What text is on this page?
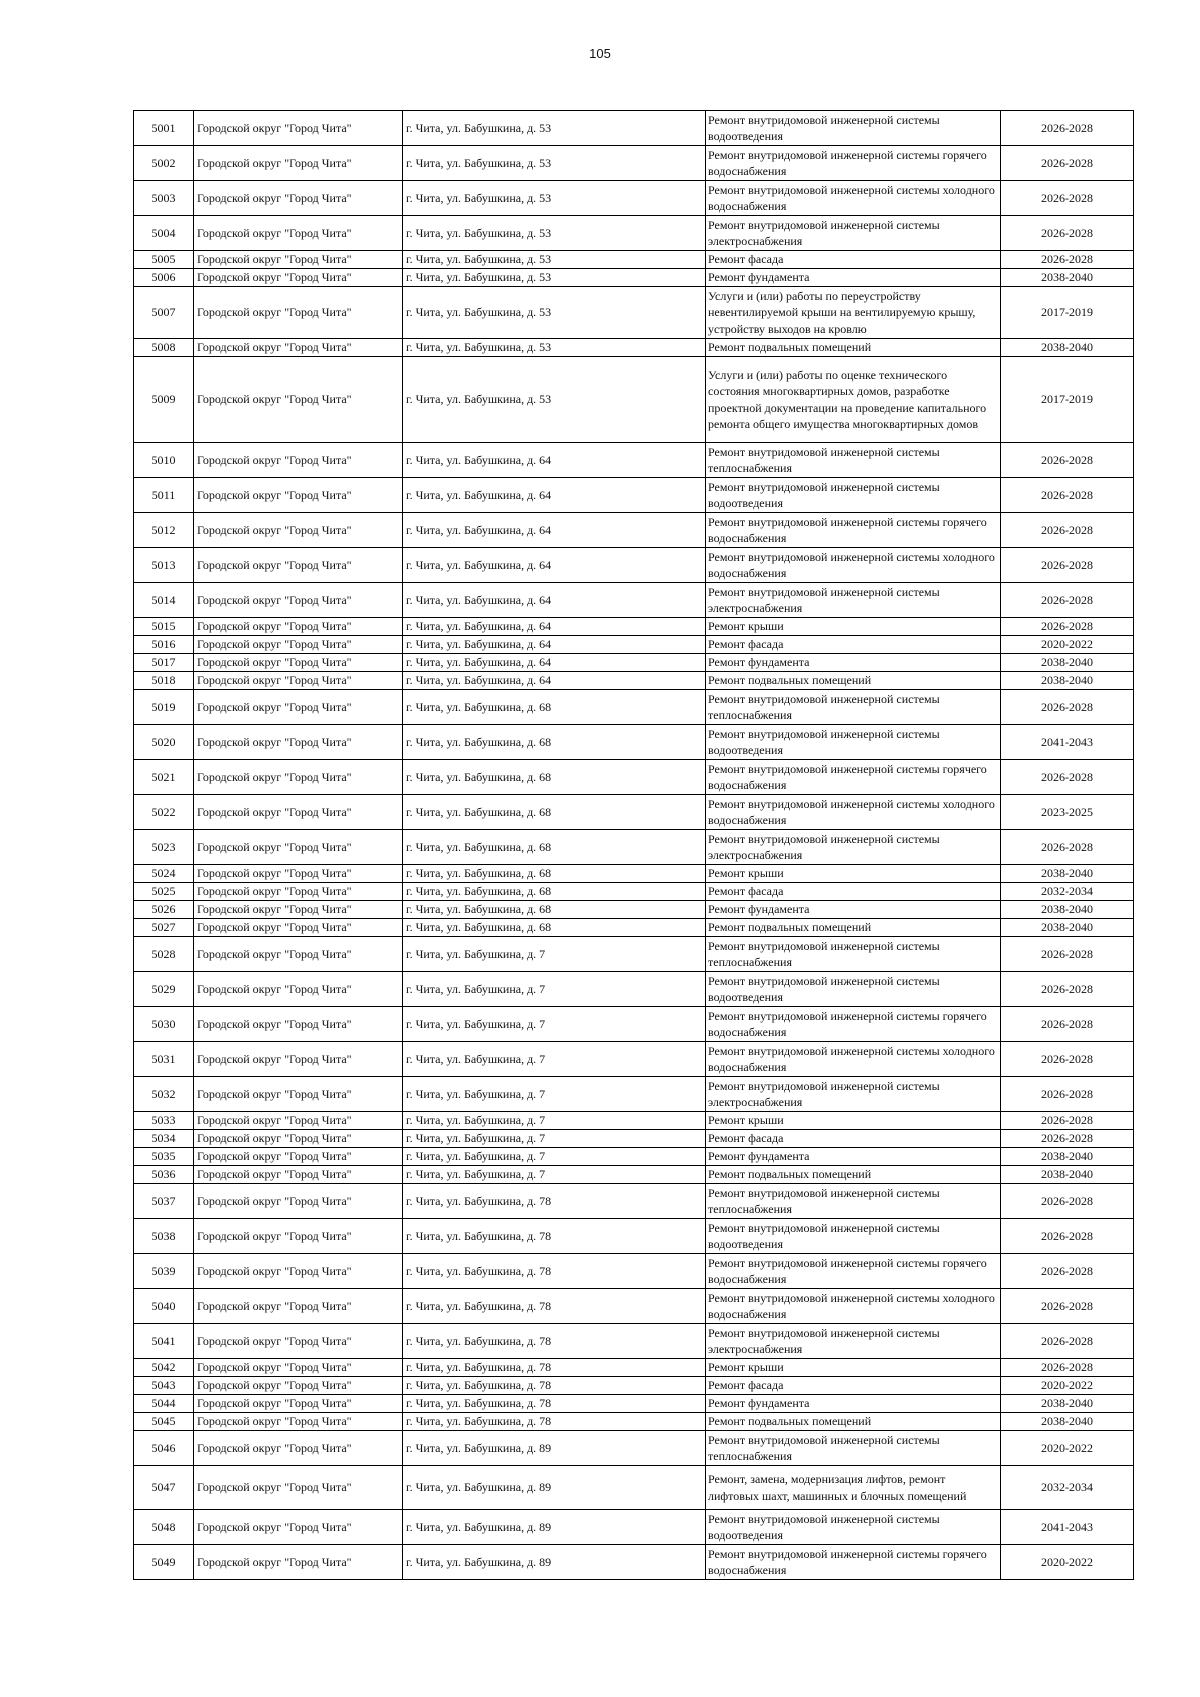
105
5001	Городской округ "Город Чита"	г. Чита, ул. Бабушкина, д. 53	Ремонт внутридомовой инженерной системы водоотведения	2026-2028
5002	Городской округ "Город Чита"	г. Чита, ул. Бабушкина, д. 53	Ремонт внутридомовой инженерной системы горячего водоснабжения	2026-2028
5003	Городской округ "Город Чита"	г. Чита, ул. Бабушкина, д. 53	Ремонт внутридомовой инженерной системы холодного водоснабжения	2026-2028
5004	Городской округ "Город Чита"	г. Чита, ул. Бабушкина, д. 53	Ремонт внутридомовой инженерной системы электроснабжения	2026-2028
5005	Городской округ "Город Чита"	г. Чита, ул. Бабушкина, д. 53	Ремонт фасада	2026-2028
5006	Городской округ "Город Чита"	г. Чита, ул. Бабушкина, д. 53	Ремонт фундамента	2038-2040
5007	Городской округ "Город Чита"	г. Чита, ул. Бабушкина, д. 53	Услуги и (или) работы по переустройству невентилируемой крыши на вентилируемую крышу, устройству выходов на кровлю	2017-2019
5008	Городской округ "Город Чита"	г. Чита, ул. Бабушкина, д. 53	Ремонт подвальных помещений	2038-2040
5009	Городской округ "Город Чита"	г. Чита, ул. Бабушкина, д. 53	Услуги и (или) работы по оценке технического состояния многоквартирных домов, разработке проектной документации на проведение капитального ремонта общего имущества многоквартирных домов	2017-2019
5010	Городской округ "Город Чита"	г. Чита, ул. Бабушкина, д. 64	Ремонт внутридомовой инженерной системы теплоснабжения	2026-2028
5011	Городской округ "Город Чита"	г. Чита, ул. Бабушкина, д. 64	Ремонт внутридомовой инженерной системы водоотведения	2026-2028
5012	Городской округ "Город Чита"	г. Чита, ул. Бабушкина, д. 64	Ремонт внутридомовой инженерной системы горячего водоснабжения	2026-2028
5013	Городской округ "Город Чита"	г. Чита, ул. Бабушкина, д. 64	Ремонт внутридомовой инженерной системы холодного водоснабжения	2026-2028
5014	Городской округ "Город Чита"	г. Чита, ул. Бабушкина, д. 64	Ремонт внутридомовой инженерной системы электроснабжения	2026-2028
5015	Городской округ "Город Чита"	г. Чита, ул. Бабушкина, д. 64	Ремонт крыши	2026-2028
5016	Городской округ "Город Чита"	г. Чита, ул. Бабушкина, д. 64	Ремонт фасада	2020-2022
5017	Городской округ "Город Чита"	г. Чита, ул. Бабушкина, д. 64	Ремонт фундамента	2038-2040
5018	Городской округ "Город Чита"	г. Чита, ул. Бабушкина, д. 64	Ремонт подвальных помещений	2038-2040
5019	Городской округ "Город Чита"	г. Чита, ул. Бабушкина, д. 68	Ремонт внутридомовой инженерной системы теплоснабжения	2026-2028
5020	Городской округ "Город Чита"	г. Чита, ул. Бабушкина, д. 68	Ремонт внутридомовой инженерной системы водоотведения	2041-2043
5021	Городской округ "Город Чита"	г. Чита, ул. Бабушкина, д. 68	Ремонт внутридомовой инженерной системы горячего водоснабжения	2026-2028
5022	Городской округ "Город Чита"	г. Чита, ул. Бабушкина, д. 68	Ремонт внутридомовой инженерной системы холодного водоснабжения	2023-2025
5023	Городской округ "Город Чита"	г. Чита, ул. Бабушкина, д. 68	Ремонт внутридомовой инженерной системы электроснабжения	2026-2028
5024	Городской округ "Город Чита"	г. Чита, ул. Бабушкина, д. 68	Ремонт крыши	2038-2040
5025	Городской округ "Город Чита"	г. Чита, ул. Бабушкина, д. 68	Ремонт фасада	2032-2034
5026	Городской округ "Город Чита"	г. Чита, ул. Бабушкина, д. 68	Ремонт фундамента	2038-2040
5027	Городской округ "Город Чита"	г. Чита, ул. Бабушкина, д. 68	Ремонт подвальных помещений	2038-2040
5028	Городской округ "Город Чита"	г. Чита, ул. Бабушкина, д. 7	Ремонт внутридомовой инженерной системы теплоснабжения	2026-2028
5029	Городской округ "Город Чита"	г. Чита, ул. Бабушкина, д. 7	Ремонт внутридомовой инженерной системы водоотведения	2026-2028
5030	Городской округ "Город Чита"	г. Чита, ул. Бабушкина, д. 7	Ремонт внутридомовой инженерной системы горячего водоснабжения	2026-2028
5031	Городской округ "Город Чита"	г. Чита, ул. Бабушкина, д. 7	Ремонт внутридомовой инженерной системы холодного водоснабжения	2026-2028
5032	Городской округ "Город Чита"	г. Чита, ул. Бабушкина, д. 7	Ремонт внутридомовой инженерной системы электроснабжения	2026-2028
5033	Городской округ "Город Чита"	г. Чита, ул. Бабушкина, д. 7	Ремонт крыши	2026-2028
5034	Городской округ "Город Чита"	г. Чита, ул. Бабушкина, д. 7	Ремонт фасада	2026-2028
5035	Городской округ "Город Чита"	г. Чита, ул. Бабушкина, д. 7	Ремонт фундамента	2038-2040
5036	Городской округ "Город Чита"	г. Чита, ул. Бабушкина, д. 7	Ремонт подвальных помещений	2038-2040
5037	Городской округ "Город Чита"	г. Чита, ул. Бабушкина, д. 78	Ремонт внутридомовой инженерной системы теплоснабжения	2026-2028
5038	Городской округ "Город Чита"	г. Чита, ул. Бабушкина, д. 78	Ремонт внутридомовой инженерной системы водоотведения	2026-2028
5039	Городской округ "Город Чита"	г. Чита, ул. Бабушкина, д. 78	Ремонт внутридомовой инженерной системы горячего водоснабжения	2026-2028
5040	Городской округ "Город Чита"	г. Чита, ул. Бабушкина, д. 78	Ремонт внутридомовой инженерной системы холодного водоснабжения	2026-2028
5041	Городской округ "Город Чита"	г. Чита, ул. Бабушкина, д. 78	Ремонт внутридомовой инженерной системы электроснабжения	2026-2028
5042	Городской округ "Город Чита"	г. Чита, ул. Бабушкина, д. 78	Ремонт крыши	2026-2028
5043	Городской округ "Город Чита"	г. Чита, ул. Бабушкина, д. 78	Ремонт фасада	2020-2022
5044	Городской округ "Город Чита"	г. Чита, ул. Бабушкина, д. 78	Ремонт фундамента	2038-2040
5045	Городской округ "Город Чита"	г. Чита, ул. Бабушкина, д. 78	Ремонт подвальных помещений	2038-2040
5046	Городской округ "Город Чита"	г. Чита, ул. Бабушкина, д. 89	Ремонт внутридомовой инженерной системы теплоснабжения	2020-2022
5047	Городской округ "Город Чита"	г. Чита, ул. Бабушкина, д. 89	Ремонт, замена, модернизация лифтов, ремонт лифтовых шахт, машинных и блочных помещений	2032-2034
5048	Городской округ "Город Чита"	г. Чита, ул. Бабушкина, д. 89	Ремонт внутридомовой инженерной системы водоотведения	2041-2043
5049	Городской округ "Город Чита"	г. Чита, ул. Бабушкина, д. 89	Ремонт внутридомовой инженерной системы горячего водоснабжения	2020-2022
